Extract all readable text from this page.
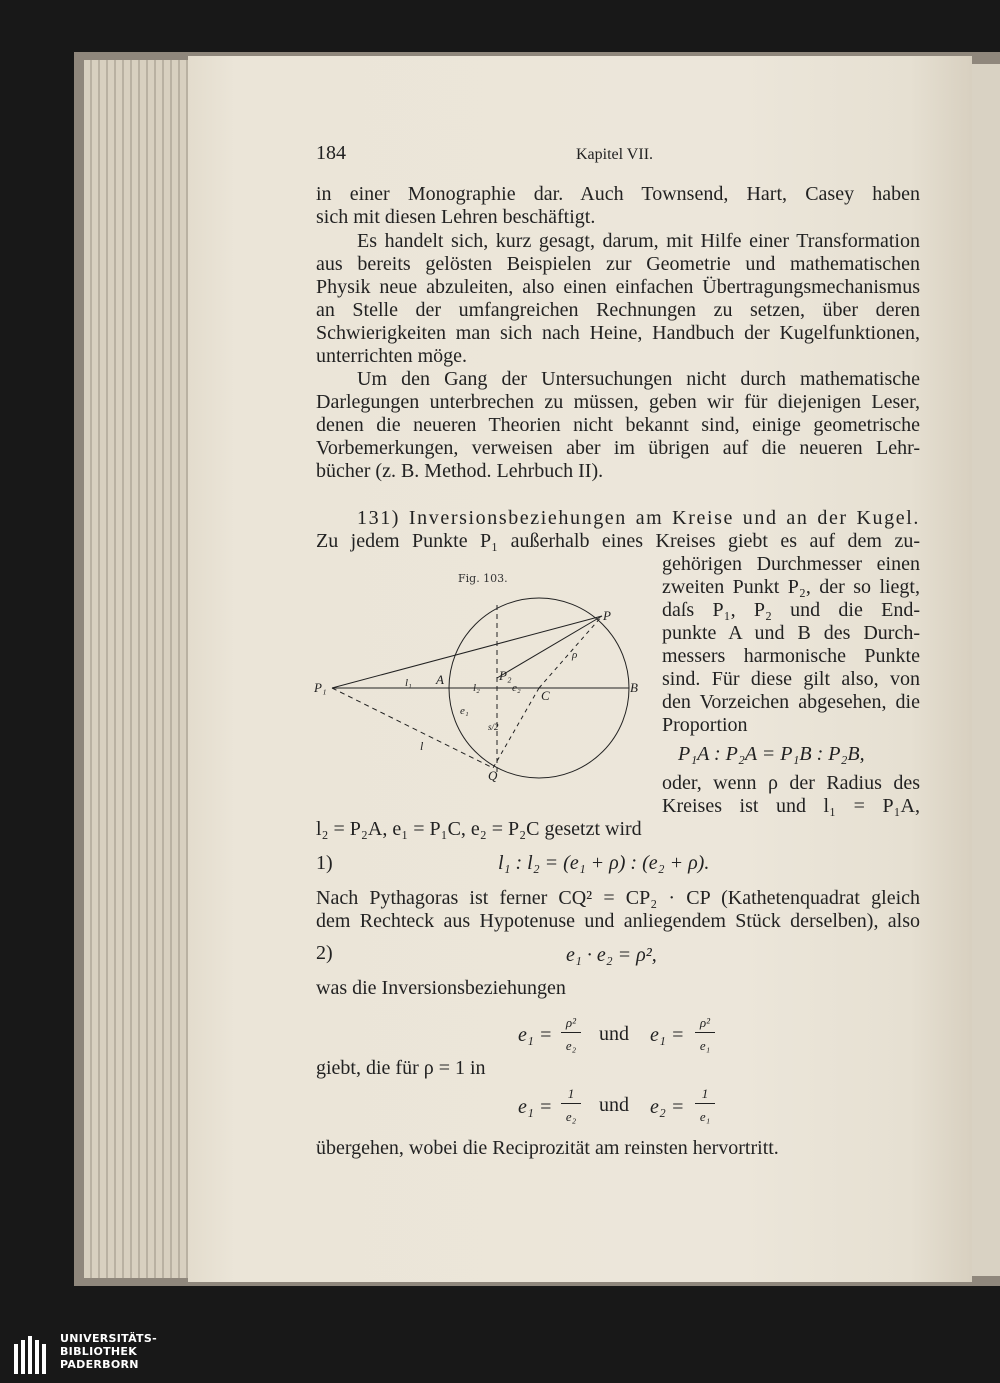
184	Kapitel VII.
in einer Monographie dar. Auch Townsend, Hart, Casey haben
sich mit diesen Lehren beschäftigt.
Es handelt sich, kurz gesagt, darum, mit Hilfe einer Transformation
aus bereits gelösten Beispielen zur Geometrie und mathematischen
Physik neue abzuleiten, also einen einfachen Übertragungsmechanismus
an Stelle der umfangreichen Rechnungen zu setzen, über deren
Schwierigkeiten man sich nach Heine, Handbuch der Kugelfunktionen,
unterrichten möge.
Um den Gang der Untersuchungen nicht durch mathematische
Darlegungen unterbrechen zu müssen, geben wir für diejenigen Leser,
denen die neueren Theorien nicht bekannt sind, einige geometrische
Vorbemerkungen, verweisen aber im übrigen auf die neueren Lehr-
bücher (z. B. Method. Lehrbuch II).
131) Inversionsbeziehungen am Kreise und an der Kugel.
Zu jedem Punkte P₁ außerhalb eines Kreises giebt es auf dem zu-
gehörigen Durchmesser einen
zweiten Punkt P₂, der so liegt,
daſs P₁, P₂ und die End-
punkte A und B des Durch-
messers harmonische Punkte
sind. Für diese gilt also, von
den Vorzeichen abgesehen, die
Proportion
P₁A : P₂A = P₁B : P₂B,
oder, wenn ρ der Radius des
Kreises ist und l₁ = P₁A,
l₂ = P₂A, e₁ = P₁C, e₂ = P₂C gesetzt wird
1)	l₁ : l₂ = (e₁ + ρ) : (e₂ + ρ).
Nach Pythagoras ist ferner CQ² = CP₂ · CP (Kathetenquadrat gleich
dem Rechteck aus Hypotenuse und anliegendem Stück derselben), also
2)	e₁ · e₂ = ρ²,
was die Inversionsbeziehungen
e₁ =
ρ²
e₂
und e₁ =
ρ²
e₁
giebt, die für ρ = 1 in
e₁ =
1
e₂
und e₂ =
1
e₁
übergehen, wobei die Reciprozität am reinsten hervortritt.
Fig. 103.
P₁
A
B
C
P
P₂
Q
l₁	l₂
e₁
e₂
l
ρ
s/2
UNIVERSITÄTS-
BIBLIOTHEK
PADERBORN
